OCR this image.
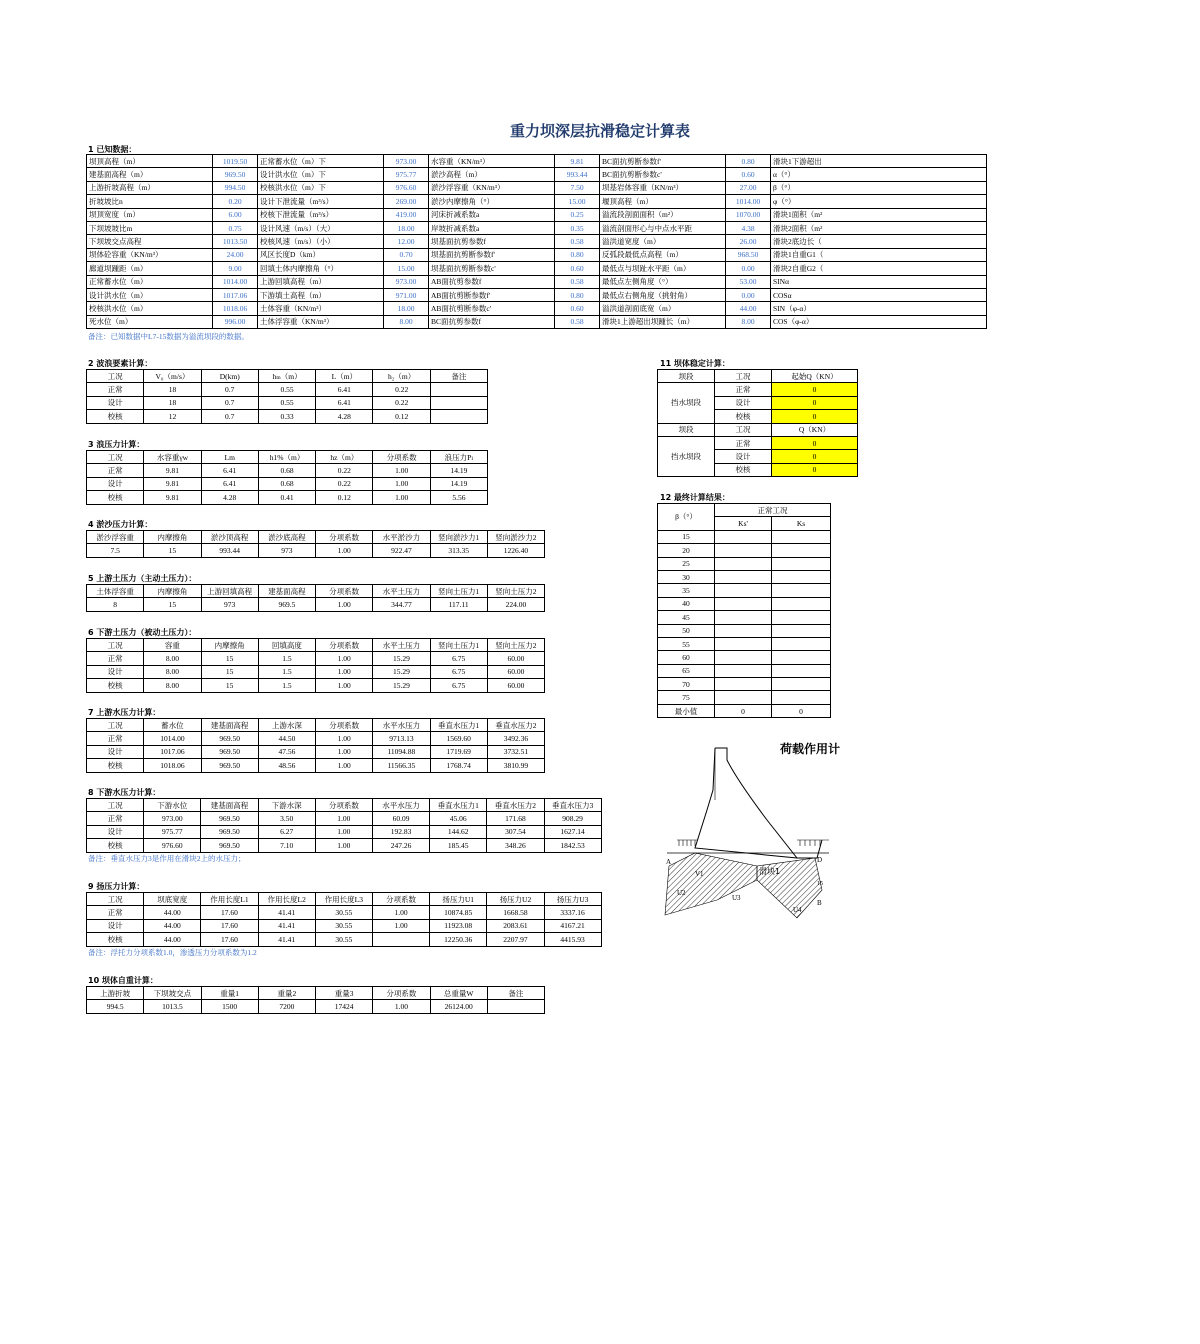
重力坝深层抗滑稳定计算表
1 已知数据：
坝顶高程（m）	1019.50	正常蓄水位（m）下	973.00	水容重（KN/m³）	9.81	BC面抗剪断参数f'	0.80	滑块1下游超出
建基面高程（m）	969.50	设计洪水位（m）下	975.77	淤沙高程（m）	993.44	BC面抗剪断参数c'	0.60	α（°）
上游折坡高程（m）	994.50	校核洪水位（m）下	976.60	淤沙浮容重（KN/m³）	7.50	坝基岩体容重（KN/m³）	27.00	β（°）
折坡坡比n	0.20	设计下泄流量（m³/s）	269.00	淤沙内摩擦角（°）	15.00	堰顶高程（m）	1014.00	φ（°）
坝顶宽度（m）	6.00	校核下泄流量（m³/s）	419.00	河床折减系数a	0.25	溢流段剖面面积（m²）	1070.00	滑块1面积（m²
下坝坡坡比m	0.75	设计风速（m/s）（大）	18.00	岸坡折减系数a	0.35	溢流剖面形心与中点水平距	4.38	滑块2面积（m²
下坝坡交点高程	1013.50	校核风速（m/s）（小）	12.00	坝基面抗剪参数f	0.58	溢洪道宽度（m）	26.00	滑块2底边长（
坝体砼容重（KN/m³）	24.00	风区长度D（km）	0.70	坝基面抗剪断参数f'	0.80	反弧段最低点高程（m）	968.50	滑块1自重G1（
廊道坝踵距（m）	9.00	回填土体内摩擦角（°）	15.00	坝基面抗剪断参数c'	0.60	最低点与坝趾水平距（m）	0.00	滑块2自重G2（
正常蓄水位（m）	1014.00	上游回填高程（m）	973.00	AB面抗剪参数f	0.58	最低点左侧角度（°）	53.00	SINα
设计洪水位（m）	1017.06	下游填土高程（m）	971.00	AB面抗剪断参数f'	0.80	最低点右侧角度（挑射角）	0.00	COSα
校核洪水位（m）	1018.06	土体容重（KN/m³）	18.00	AB面抗剪断参数c'	0.60	溢洪道剖面底宽（m）	44.00	SIN（φ-α）
死水位（m）	996.00	土体浮容重（KN/m³）	8.00	BC面抗剪参数f	0.58	滑块1上游超出坝踵长（m）	8.00	COS（φ-α）
备注：已知数据中L7-15数据为溢流坝段的数据。
2 波浪要素计算：
工况	V₀（m/s）	D(km)	hₘ（m）	L（m）	h₂（m）	备注
正常	18	0.7	0.55	6.41	0.22	
设计	18	0.7	0.55	6.41	0.22	
校核	12	0.7	0.33	4.28	0.12	
3 浪压力计算：
工况	水容重γw	Lm	h1%（m）	hz（m）	分项系数	浪压力Pₗ
正常	9.81	6.41	0.68	0.22	1.00	14.19
设计	9.81	6.41	0.68	0.22	1.00	14.19
校核	9.81	4.28	0.41	0.12	1.00	5.56
4 淤沙压力计算：
淤沙浮容重	内摩擦角	淤沙顶高程	淤沙底高程	分项系数	水平淤沙力	竖向淤沙力1	竖向淤沙力2
7.5	15	993.44	973	1.00	922.47	313.35	1226.40
5 上游土压力（主动土压力）：
土体浮容重	内摩擦角	上游回填高程	建基面高程	分项系数	水平土压力	竖向土压力1	竖向土压力2
8	15	973	969.5	1.00	344.77	117.11	224.00
6 下游土压力（被动土压力）：
工况	容重	内摩擦角	回填高度	分项系数	水平土压力	竖向土压力1	竖向土压力2
正常	8.00	15	1.5	1.00	15.29	6.75	60.00
设计	8.00	15	1.5	1.00	15.29	6.75	60.00
校核	8.00	15	1.5	1.00	15.29	6.75	60.00
7 上游水压力计算：
工况	蓄水位	建基面高程	上游水深	分项系数	水平水压力	垂直水压力1	垂直水压力2
正常	1014.00	969.50	44.50	1.00	9713.13	1569.60	3492.36
设计	1017.06	969.50	47.56	1.00	11094.88	1719.69	3732.51
校核	1018.06	969.50	48.56	1.00	11566.35	1768.74	3810.99
8 下游水压力计算：
工况	下游水位	建基面高程	下游水深	分项系数	水平水压力	垂直水压力1	垂直水压力2	垂直水压力3
正常	973.00	969.50	3.50	1.00	60.09	45.06	171.68	908.29
设计	975.77	969.50	6.27	1.00	192.83	144.62	307.54	1627.14
校核	976.60	969.50	7.10	1.00	247.26	185.45	348.26	1842.53
备注：垂直水压力3是作用在滑块2上的水压力；
9 扬压力计算：
工况	坝底宽度	作用长度L1	作用长度L2	作用长度L3	分项系数	扬压力U1	扬压力U2	扬压力U3
正常	44.00	17.60	41.41	30.55	1.00	10874.85	1668.58	3337.16
设计	44.00	17.60	41.41	30.55	1.00	11923.08	2083.61	4167.21
校核	44.00	17.60	41.41	30.55		12250.36	2207.97	4415.93
备注：浮托力分项系数1.0，渗透压力分项系数为1.2
10 坝体自重计算：
上游折坡	下坝坡交点	重量1	重量2	重量3	分项系数	总重量W	备注
994.5	1013.5	1500	7200	17424	1.00	26124.00	
11 坝体稳定计算：
坝段	工况	起始Q（KN）
挡水坝段	正常	0
	设计	0
	校核	0
坝段	工况	Q（KN）
挡水坝段	正常	0
	设计	0
	校核	0
12 最终计算结果：
β（°）	正常工况	
	Ks'	Ks
15		
20		
25		
30		
35		
40		
45		
50		
55		
60		
65		
70		
75		
最小值	0	0
荷载作用计
A	D
B
滑块1
V1
U2
U3
U4
15
